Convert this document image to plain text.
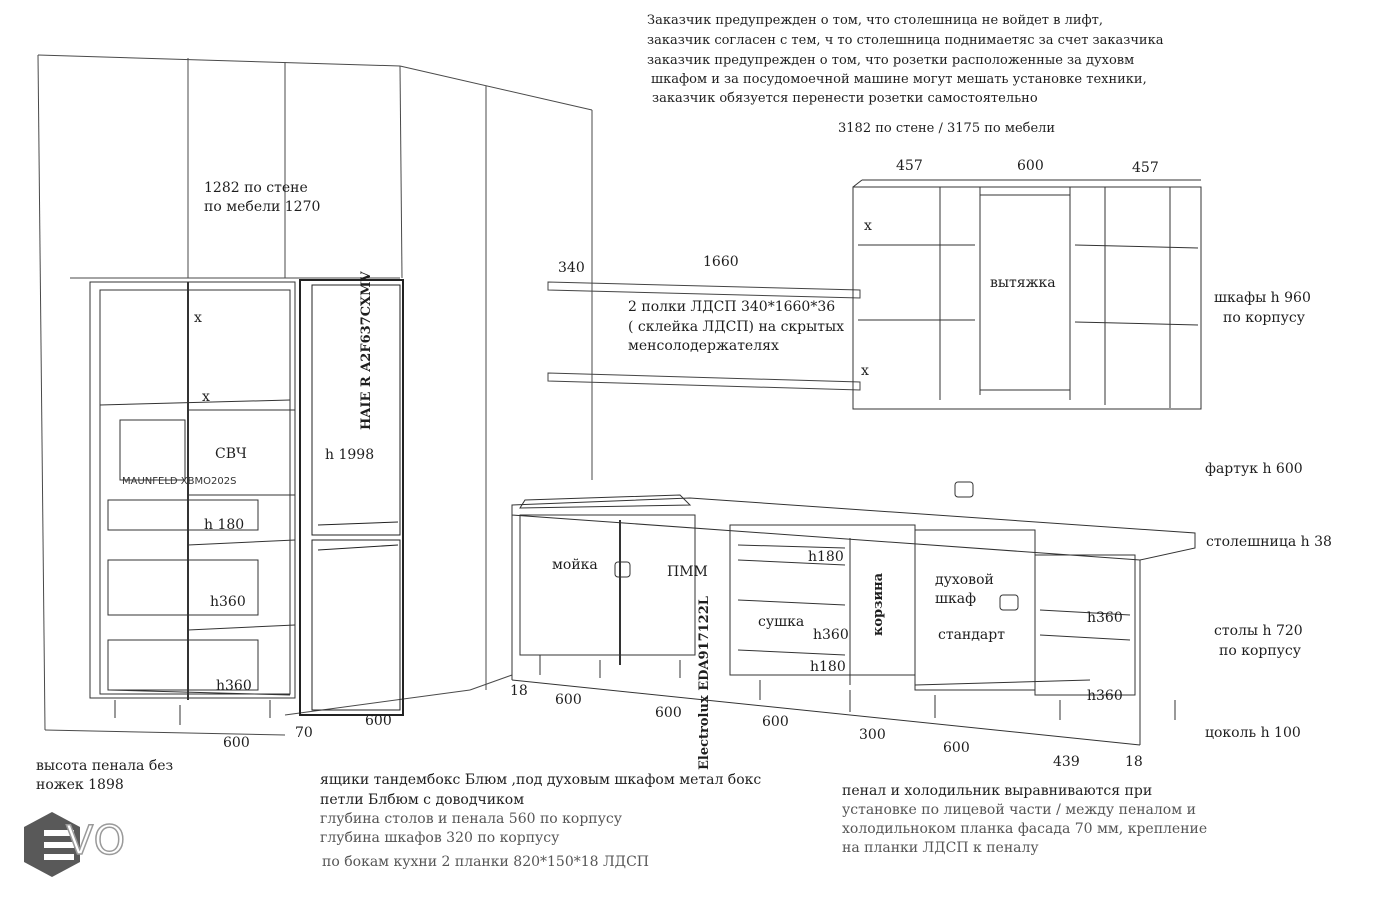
Заказчик предупрежден о том, что столешница не войдет в лифт,
заказчик согласен с тем, ч то столешница поднимаетяс за счет заказчика
заказчик предупрежден о том, что розетки расположенные за духовм
шкафом и за посудомоечной машине могут мешать установке техники,
заказчик обязуется перенести розетки самостоятельно
3182 по стене / 3175 по мебели
1282 по стене
по мебели 1270
x
x
СВЧ
MAUNFELD XBMO202S
h 180
h360
h360
HAIE R A2F637CXMV
h 1998
340	1660
2 полки ЛДСП 340*1660*36
( склейка ЛДСП) на скрытых
менсолодержателях
457	600	457
x
x
вытяжка
шкафы h 960
по корпусу
фартук h 600
столешница h 38
столы h 720
по корпусу
цоколь h 100
мойка	ПММ
Electrolux EDA917122L
h180
сушка
h360
h180
корзина	духовой
шкаф
стандарт
h360
h360
18
600
600
600
300
600
439	18
600
70
600
высота пенала без
ножек 1898	ящики тандембокс Блюм ,под духовым шкафом метал бокс
петли Блбюм с доводчиком
глубина столов и пенала 560 по корпусу
глубина шкафов 320 по корпусу
по бокам кухни 2 планки 820*150*18 ЛДСП
пенал и холодильник выравниваются при
установке по лицевой части / между пеналом и
холодильноком планка фасада 70 мм, крепление
на планки ЛДСП к пеналу
VO
